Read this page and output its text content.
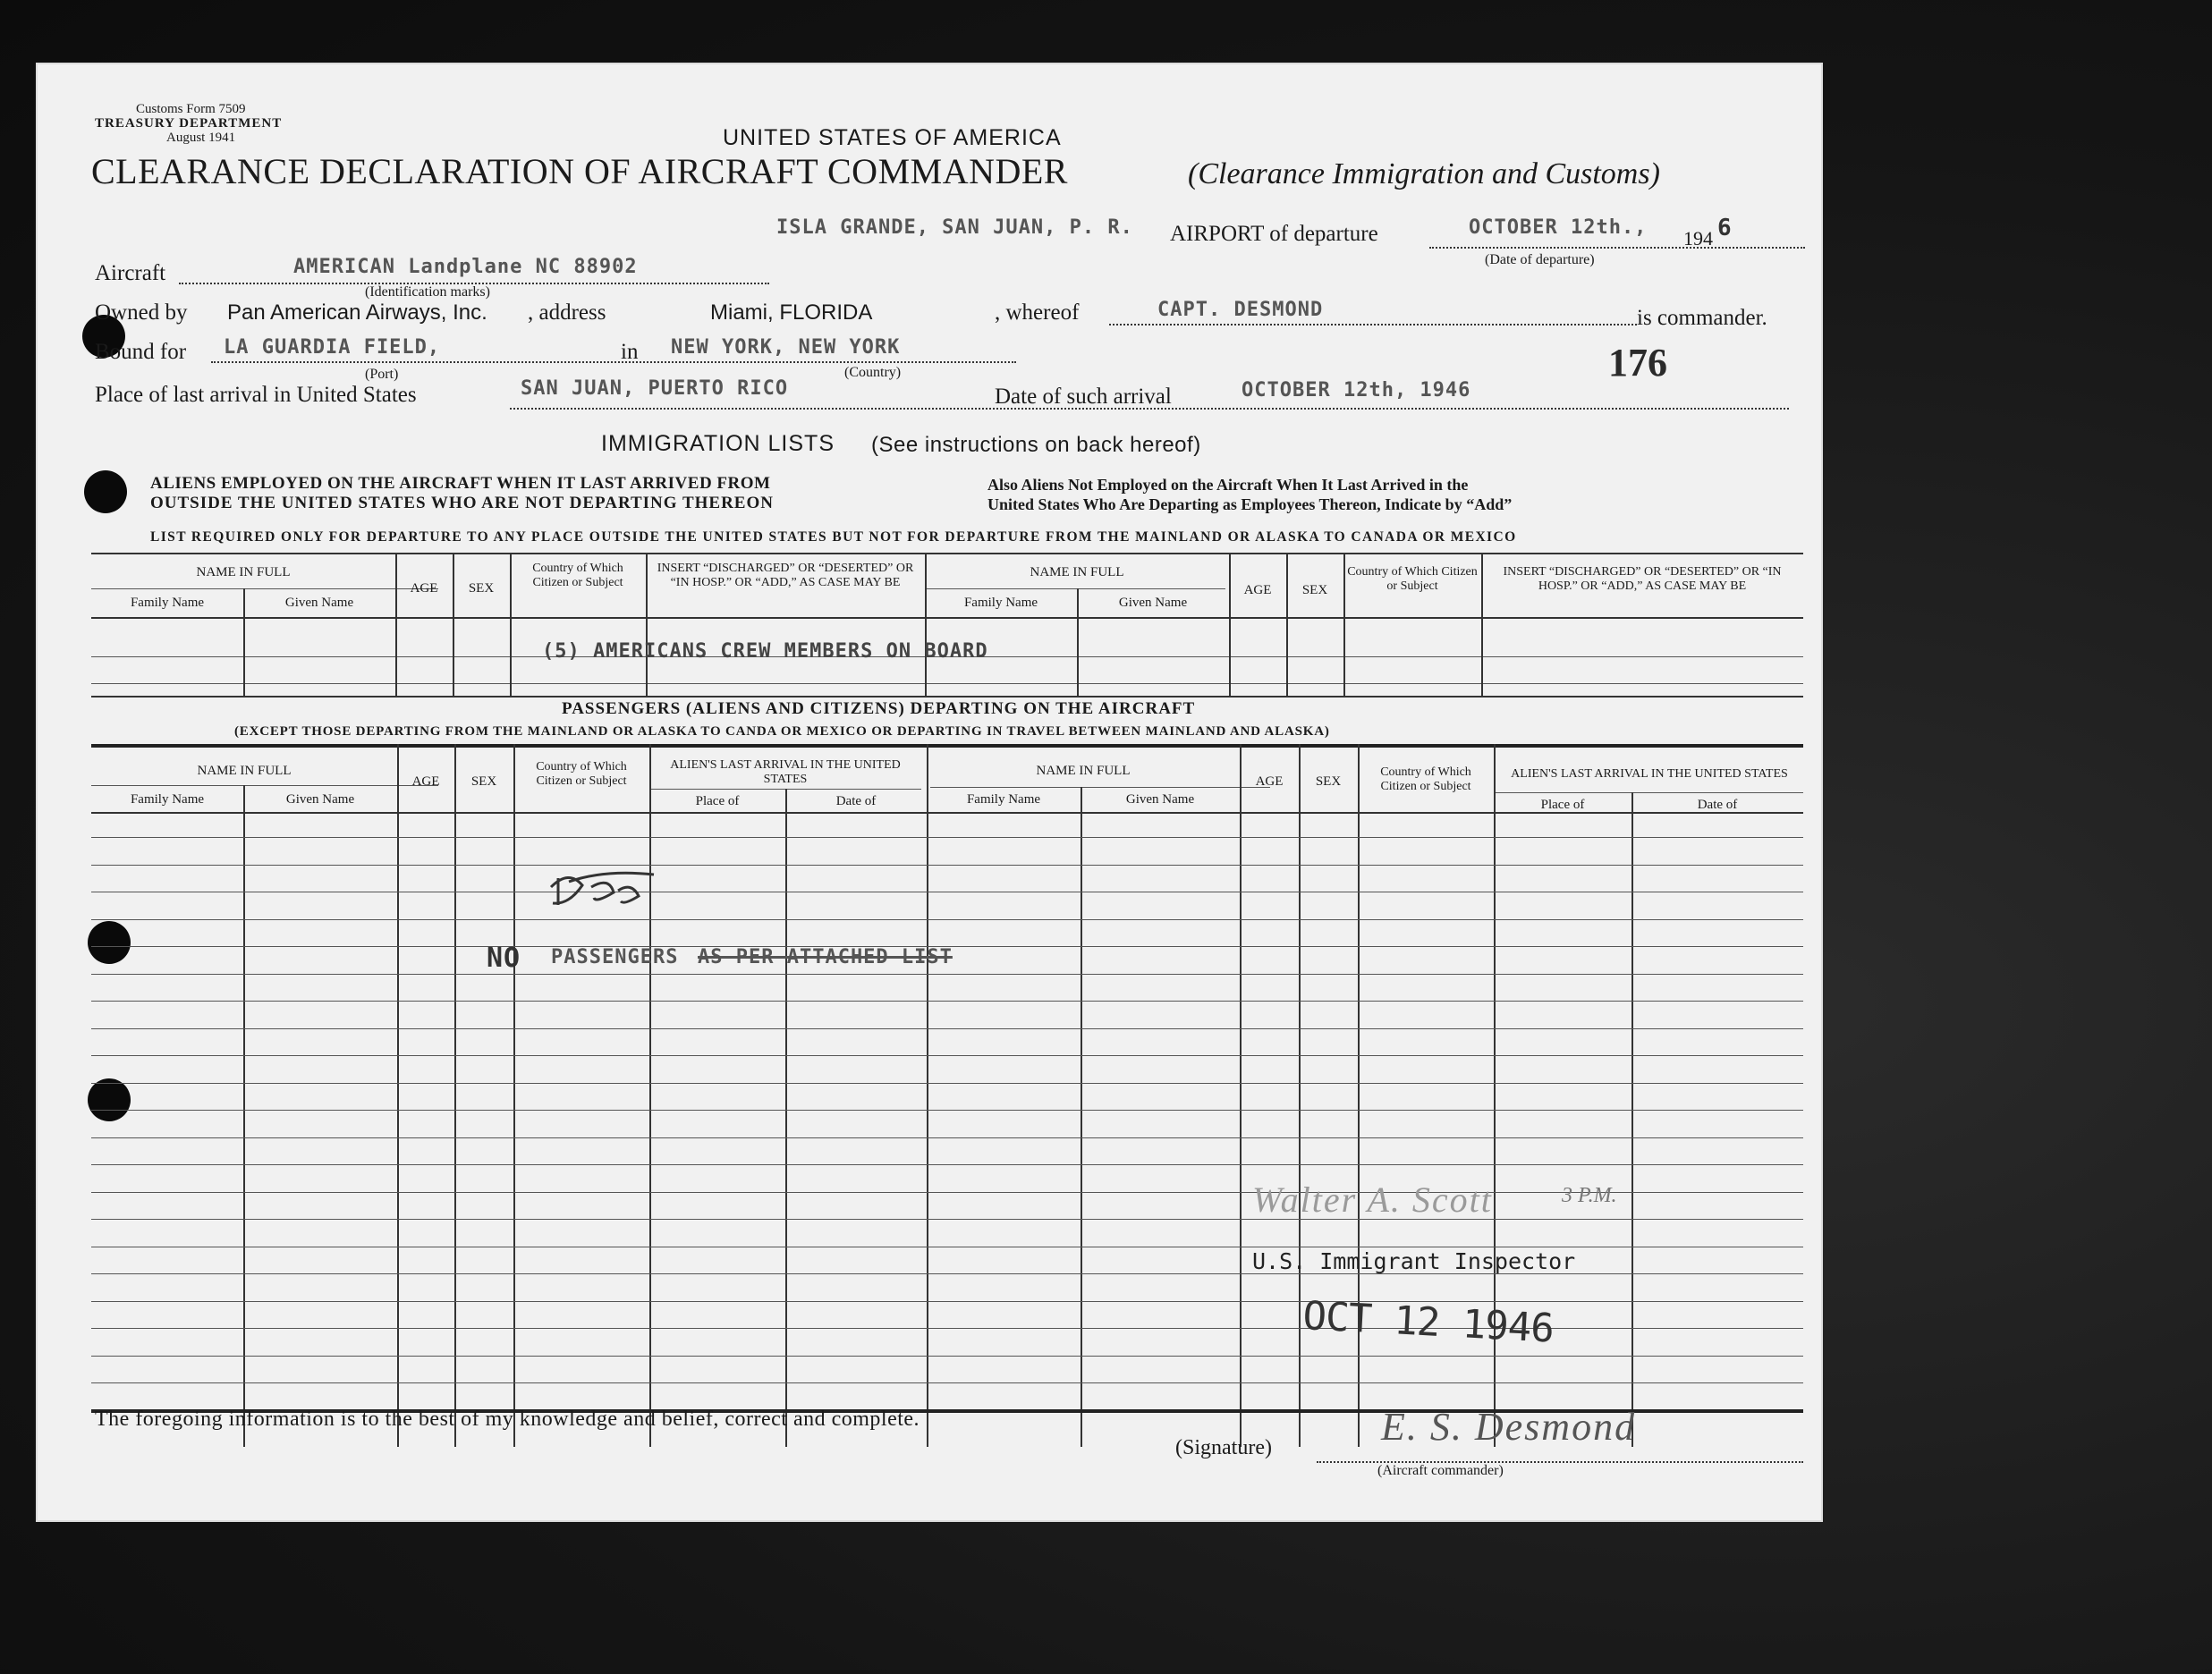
Customs Form 7509
TREASURY DEPARTMENT
August 1941	UNITED STATES OF AMERICA
CLEARANCE DECLARATION OF AIRCRAFT COMMANDER	(Clearance Immigration and Customs)
ISLA GRANDE, SAN JUAN, P. R. AIRPORT of departure	OCTOBER 12th., 194 6
(Date of departure)
Aircraft	AMERICAN Landplane NC 88902
(Identification marks)
Owned by Pan American Airways, Inc. , address	Miami, FLORIDA	, whereof	CAPT. DESMOND	is commander.
Bound for LA GUARDIA FIELD,	in NEW YORK, NEW YORK
(Port)	(Country)	176
Place of last arrival in United States	SAN JUAN, PUERTO RICO	Date of such arrival	OCTOBER 12th, 1946
IMMIGRATION LISTS (See instructions on back hereof)
ALIENS EMPLOYED ON THE AIRCRAFT WHEN IT LAST ARRIVED FROM
OUTSIDE THE UNITED STATES WHO ARE NOT DEPARTING THEREON
Also Aliens Not Employed on the Aircraft When It Last Arrived in the
United States Who Are Departing as Employees Thereon, Indicate by “Add”
LIST REQUIRED ONLY FOR DEPARTURE TO ANY PLACE OUTSIDE THE UNITED STATES BUT NOT FOR DEPARTURE FROM THE MAINLAND OR ALASKA TO CANADA OR MEXICO
NAME IN FULL
Family Name	Given Name
AGE	SEX
Country of Which Citizen or Subject
INSERT “DISCHARGED” OR “DESERTED” OR “IN HOSP.” OR “ADD,” AS CASE MAY BE
NAME IN FULL
Family Name	Given Name
AGE	SEX
Country of Which Citizen or Subject
INSERT “DISCHARGED” OR “DESERTED” OR “IN HOSP.” OR “ADD,” AS CASE MAY BE
(5) AMERICANS CREW MEMBERS ON BOARD
PASSENGERS (ALIENS AND CITIZENS) DEPARTING ON THE AIRCRAFT
(EXCEPT THOSE DEPARTING FROM THE MAINLAND OR ALASKA TO CANDA OR MEXICO OR DEPARTING IN TRAVEL BETWEEN MAINLAND AND ALASKA)
NAME IN FULL
Family Name	Given Name
AGE	SEX
Country of Which Citizen or Subject
ALIEN'S LAST ARRIVAL IN THE UNITED STATES
Place of	Date of
NAME IN FULL
Family Name	Given Name
AGE	SEX
Country of Which Citizen or Subject
ALIEN'S LAST ARRIVAL IN THE UNITED STATES
Place of	Date of
NO PASSENGERS AS PER ATTACHED LIST
Walter A. Scott	3 P.M.
U.S. Immigrant Inspector
OCT 12 1946
The foregoing information is to the best of my knowledge and belief, correct and complete.
(Signature)	E. S. Desmond
(Aircraft commander)
